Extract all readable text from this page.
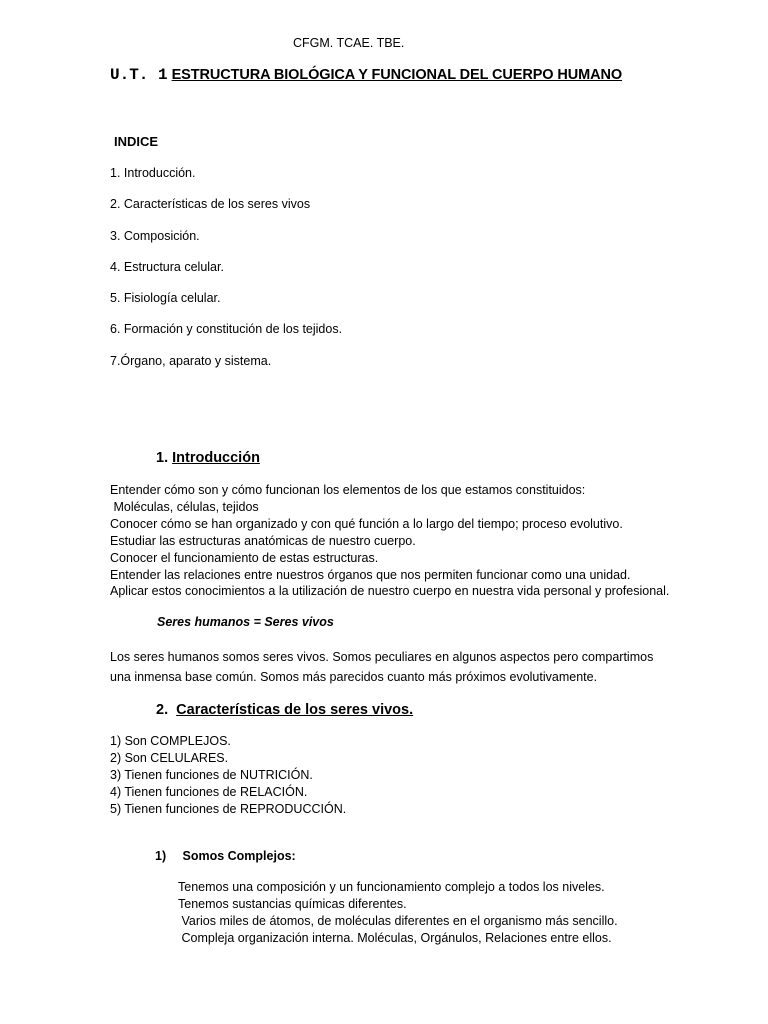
CFGM. TCAE. TBE.
U.T. 1 ESTRUCTURA BIOLÓGICA Y FUNCIONAL DEL CUERPO HUMANO
INDICE
1. Introducción.
2. Características de los seres vivos
3. Composición.
4. Estructura celular.
5. Fisiología celular.
6. Formación y constitución de los tejidos.
7.Órgano, aparato y sistema.
1. Introducción
Entender cómo son y cómo funcionan los elementos de los que estamos constituidos:
Moléculas, células, tejidos
Conocer cómo se han organizado y con qué función a lo largo del tiempo; proceso evolutivo.
Estudiar las estructuras anatómicas de nuestro cuerpo.
Conocer el funcionamiento de estas estructuras.
Entender las relaciones entre nuestros órganos que nos permiten funcionar como una unidad.
Aplicar estos conocimientos a la utilización de nuestro cuerpo en nuestra vida personal y profesional.
Seres humanos = Seres vivos
Los seres humanos somos seres vivos. Somos peculiares en algunos aspectos pero compartimos
una inmensa base común. Somos más parecidos cuanto más próximos evolutivamente.
2. Características de los seres vivos.
1) Son COMPLEJOS.
2) Son CELULARES.
3) Tienen funciones de NUTRICIÓN.
4) Tienen funciones de RELACIÓN.
5) Tienen funciones de REPRODUCCIÓN.
1) Somos Complejos:
Tenemos una composición y un funcionamiento complejo a todos los niveles.
Tenemos sustancias químicas diferentes.
Varios miles de átomos, de moléculas diferentes en el organismo más sencillo.
Compleja organización interna. Moléculas, Orgánulos, Relaciones entre ellos.
